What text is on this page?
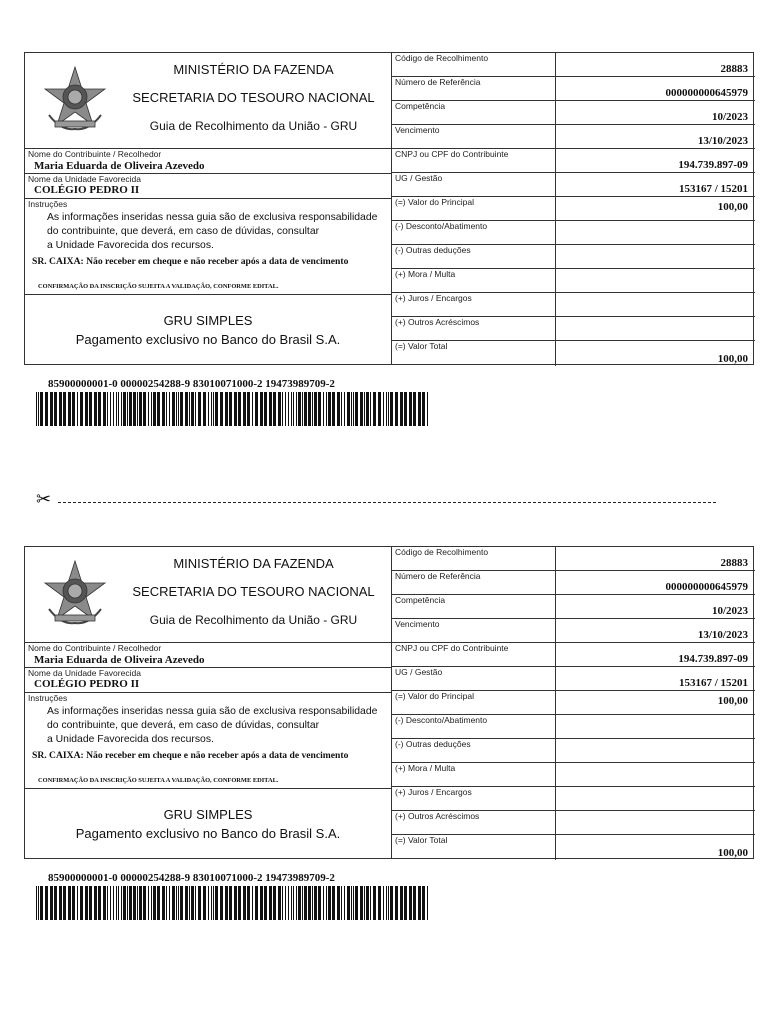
MINISTÉRIO DA FAZENDA
SECRETARIA DO TESOURO NACIONAL
Guia de Recolhimento da União - GRU
Nome do Contribuinte / Recolhedor
Maria Eduarda de Oliveira Azevedo
Nome da Unidade Favorecida
COLÉGIO PEDRO II
Instruções
As informações inseridas nessa guia são de exclusiva responsabilidade
do contribuinte, que deverá, em caso de dúvidas, consultar
a Unidade Favorecida dos recursos.
SR. CAIXA: Não receber em cheque e não receber após a data de vencimento
CONFIRMAÇÃO DA INSCRIÇÃO SUJEITA A VALIDAÇÃO, CONFORME EDITAL.
GRU SIMPLES
Pagamento exclusivo no Banco do Brasil S.A.
Código de Recolhimento
28883
Número de Referência
000000000645979
Competência
10/2023
Vencimento
13/10/2023
CNPJ ou CPF do Contribuinte
194.739.897-09
UG / Gestão
153167 / 15201
(=) Valor do Principal	100,00
(-) Desconto/Abatimento
(-) Outras deduções
(+) Mora / Multa
(+) Juros / Encargos
(+) Outros Acréscimos
(=) Valor Total
100,00
85900000001-0 00000254288-9 83010071000-2 19473989709-2
✂
MINISTÉRIO DA FAZENDA
SECRETARIA DO TESOURO NACIONAL
Guia de Recolhimento da União - GRU
Nome do Contribuinte / Recolhedor
Maria Eduarda de Oliveira Azevedo
Nome da Unidade Favorecida
COLÉGIO PEDRO II
Instruções
As informações inseridas nessa guia são de exclusiva responsabilidade
do contribuinte, que deverá, em caso de dúvidas, consultar
a Unidade Favorecida dos recursos.
SR. CAIXA: Não receber em cheque e não receber após a data de vencimento
CONFIRMAÇÃO DA INSCRIÇÃO SUJEITA A VALIDAÇÃO, CONFORME EDITAL.
GRU SIMPLES
Pagamento exclusivo no Banco do Brasil S.A.
Código de Recolhimento
28883
Número de Referência
000000000645979
Competência
10/2023
Vencimento
13/10/2023
CNPJ ou CPF do Contribuinte
194.739.897-09
UG / Gestão
153167 / 15201
(=) Valor do Principal	100,00
(-) Desconto/Abatimento
(-) Outras deduções
(+) Mora / Multa
(+) Juros / Encargos
(+) Outros Acréscimos
(=) Valor Total
100,00
85900000001-0 00000254288-9 83010071000-2 19473989709-2
